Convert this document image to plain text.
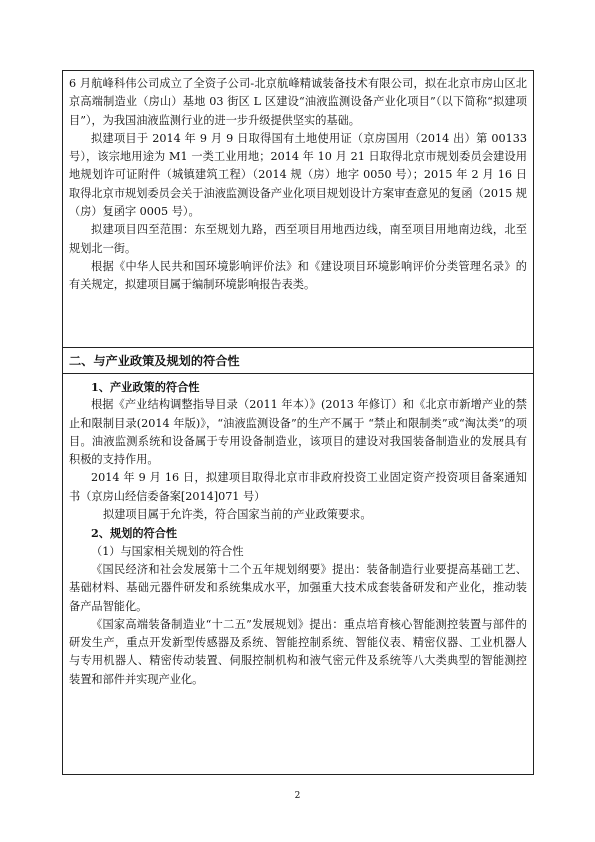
6 月航峰科伟公司成立了全资子公司-北京航峰精诚装备技术有限公司，拟在北京市房山区北京高端制造业（房山）基地 03 街区 L 区建设“油液监测设备产业化项目”（以下简称“拟建项目”），为我国油液监测行业的进一步升级提供坚实的基础。

拟建项目于 2014 年 9 月 9 日取得国有土地使用证（京房国用（2014 出）第 00133 号），该宗地用途为 M1 一类工业用地；2014 年 10 月 21 日取得北京市规划委员会建设用地规划许可证附件（城镇建筑工程）（2014 规（房）地字 0050 号）；2015 年 2 月 16 日取得北京市规划委员会关于油液监测设备产业化项目规划设计方案审查意见的复函（2015 规（房）复函字 0005 号）。

拟建项目四至范围：东至规划九路，西至项目用地西边线，南至项目用地南边线，北至规划北一街。

根据《中华人民共和国环境影响评价法》和《建设项目环境影响评价分类管理名录》的有关规定，拟建项目属于编制环境影响报告表类。

二、与产业政策及规划的符合性

1、产业政策的符合性

根据《产业结构调整指导目录（2011 年本）》(2013 年修订）和《北京市新增产业的禁止和限制目录(2014 年版)》，“油液监测设备”的生产不属于 “禁止和限制类”或“淘汰类”的项目。油液监测系统和设备属于专用设备制造业，该项目的建设对我国装备制造业的发展具有积极的支持作用。

2014 年 9 月 16 日，拟建项目取得北京市非政府投资工业固定资产投资项目备案通知书（京房山经信委备案[2014]071 号）

拟建项目属于允许类，符合国家当前的产业政策要求。

2、规划的符合性

（1）与国家相关规划的符合性

《国民经济和社会发展第十二个五年规划纲要》提出：装备制造行业要提高基础工艺、基础材料、基础元器件研发和系统集成水平，加强重大技术成套装备研发和产业化，推动装备产品智能化。

《国家高端装备制造业“十二五”发展规划》提出：重点培育核心智能测控装置与部件的研发生产，重点开发新型传感器及系统、智能控制系统、智能仪表、精密仪器、工业机器人与专用机器人、精密传动装置、伺服控制机构和液气密元件及系统等八大类典型的智能测控装置和部件并实现产业化。

2
